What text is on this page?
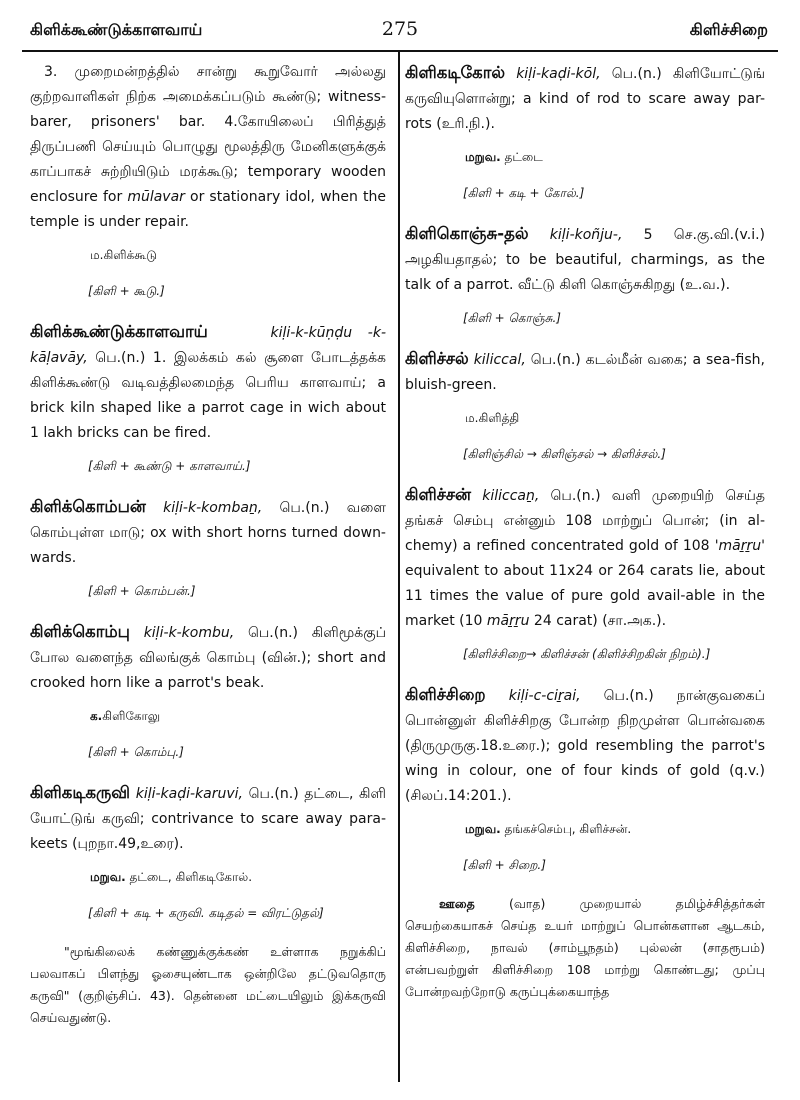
கிளிக்கூண்டுக்காளவாய்	275	கிளிச்சிறை

3. முறைமன்றத்தில் சான்று கூறுவோர் அல்லது குற்றவாளிகள் நிற்க அமைக்கப்படும் கூண்டு; witness-barer, prisoners' bar. 4.கோயிலைப் பிரித்துத் திருப்பணி செய்யும் பொழுது மூலத்திரு மேனிகளுக்குக் காப்பாகச் சுற்றியிடும் மரக்கூடு; temporary wooden enclosure for mūlavar or stationary idol, when the temple is under repair.

ம.கிளிக்கூடு
[கிளி + கூடு.]

கிளிக்கூண்டுக்காளவாய்	kiḷi-k-kūṇḍu -k-kāḷavāy, பெ.(n.) 1. இலக்கம் கல் சூளை போடத்தக்க கிளிக்கூண்டு வடிவத்திலமைந்த பெரிய காளவாய்; a brick kiln shaped like a parrot cage in wich about 1 lakh bricks can be fired.

[கிளி + கூண்டு + காளவாய்.]

கிளிக்கொம்பன் kiḷi-k-kombaṉ, பெ.(n.) வளை கொம்புள்ள மாடு; ox with short horns turned down-wards.

[கிளி + கொம்பன்.]

கிளிக்கொம்பு kiḷi-k-kombu, பெ.(n.) கிளிமூக்குப் போல வளைந்த விலங்குக் கொம்பு (வின்.); short and crooked horn like a parrot's beak.

க.கிளிகோலு
[கிளி + கொம்பு.]

கிளிகடிகருவி kiḷi-kaḍi-karuvi, பெ.(n.) தட்டை, கிளி யோட்டுங் கருவி; contrivance to scare away para-keets (புறநா.49,உரை).

மறுவ. தட்டை, கிளிகடிகோல்.
[கிளி + கடி + கருவி. கடிதல் = விரட்டுதல்]

"மூங்கிலைக் கண்ணுக்குக்கண் உள்ளாக நறுக்கிப் பலவாகப் பிளந்து ஓசையுண்டாக ஒன்றிலே தட்டுவதொரு கருவி" (குறிஞ்சிப். 43). தென்னை மட்டையிலும் இக்கருவி செய்வதுண்டு.

கிளிகடிகோல் kiḷi-kaḍi-kōl, பெ.(n.) கிளியோட்டுங் கருவியுளொன்று; a kind of rod to scare away par-rots (உரி.நி.).

மறுவ. தட்டை
[கிளி + கடி + கோல்.]

கிளிகொஞ்சு-தல் kiḷi-koñju-, 5 செ.கு.வி.(v.i.) அழகியதாதல்; to be beautiful, charmings, as the talk of a parrot. வீட்டு கிளி கொஞ்சுகிறது (உ.வ.).

[கிளி + கொஞ்சு.]

கிளிச்சல் kiliccal, பெ.(n.) கடல்மீன் வகை; a sea-fish, bluish-green.

ம.கிளித்தி
[கிளிஞ்சில் → கிளிஞ்சல் → கிளிச்சல்.]

கிளிச்சன் kiliccaṉ, பெ.(n.) வளி முறையிற் செய்த தங்கச் செம்பு என்னும் 108 மாற்றுப் பொன்; (in al-chemy) a refined concentrated gold of 108 'māṟṟu' equivalent to about 11x24 or 264 carats lie, about 11 times the value of pure gold avail-able in the market (10 māṟṟu 24 carat) (சா.அக.).

[கிளிச்சிறை→ கிளிச்சன் (கிளிச்சிறகின் நிறம்).]

கிளிச்சிறை kiḷi-c-ciṟai, பெ.(n.) நான்குவகைப் பொன்னுள் கிளிச்சிறகு போன்ற நிறமுள்ள பொன்வகை (திருமுருகு.18.உரை.); gold resembling the parrot's wing in colour, one of four kinds of gold (q.v.) (சிலப்.14:201.).

மறுவ. தங்கச்செம்பு, கிளிச்சன்.
[கிளி + சிறை.]

ஊதை (வாத) முறையால் தமிழ்ச்சித்தர்கள் செயற்கையாகச் செய்த உயர் மாற்றுப் பொன்களான ஆடகம், கிளிச்சிறை, நாவல் (சாம்பூநதம்) புல்லன் (சாதரூபம்) என்பவற்றுள் கிளிச்சிறை 108 மாற்று கொண்டது; முப்பு போன்றவற்றோடு கருப்புக்கையாந்த
